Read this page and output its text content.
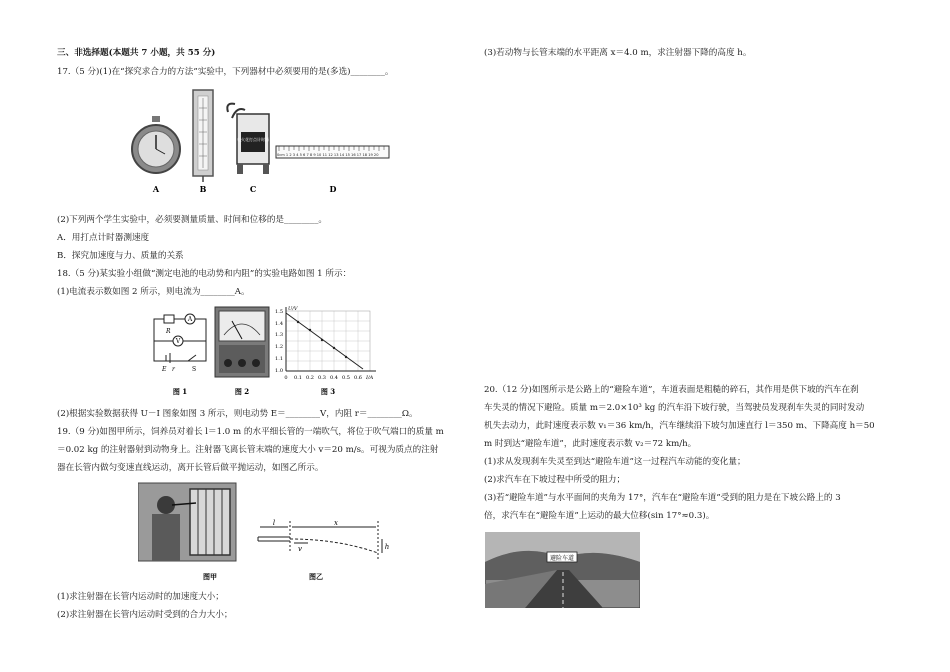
三、非选择题(本题共 7 小题，共 55 分)
17.（5 分)(1)在“探究求合力的方法”实验中，下列器材中必须要用的是(多选)________。
电火花打点计时器
0cm 1 2 3 4 5 6 7 8 9 10 11 12 13 14 15 16 17 18 19 20
A	B	C	D
(2)下列两个学生实验中，必须要测量质量、时间和位移的是________。
A．用打点计时器测速度
B．探究加速度与力、质量的关系
18.（5 分)某实验小组做“测定电池的电动势和内阻”的实验电路如图 1 所示：
(1)电流表示数如图 2 所示，则电流为________A。
R
A
V
E r	S
U/V
I/A
1.5
1.4
1.3
1.2
1.1
1.0
0 0.1 0.2 0.3 0.4 0.5 0.6
图 1	图 2	图 3
(2)根据实验数据获得 U－I 图象如图 3 所示，则电动势 E＝________V，内阻 r＝________Ω。
19.（9 分)如图甲所示，饲养员对着长 l＝1.0 m 的水平细长管的一端吹气，将位于吹气端口的质量 m
＝0.02 kg 的注射器射到动物身上。注射器飞离长管末端的速度大小 v＝20 m/s。可视为质点的注射
器在长管内做匀变速直线运动，离开长管后做平抛运动，如图乙所示。
l	x
v	h
图甲	图乙
(1)求注射器在长管内运动时的加速度大小；
(2)求注射器在长管内运动时受到的合力大小；
(3)若动物与长管末端的水平距离 x＝4.0 m，求注射器下降的高度 h。
20.（12 分)如图所示是公路上的“避险车道”，车道表面是粗糙的碎石，其作用是供下坡的汽车在刹
车失灵的情况下避险。质量 m＝2.0×10³ kg 的汽车沿下坡行驶，当驾驶员发现刹车失灵的同时发动
机失去动力，此时速度表示数 v₁＝36 km/h，汽车继续沿下坡匀加速直行 l＝350 m、下降高度 h＝50
m 时到达“避险车道”，此时速度表示数 v₂＝72 km/h。
(1)求从发现刹车失灵至到达“避险车道”这一过程汽车动能的变化量；
(2)求汽车在下坡过程中所受的阻力；
(3)若“避险车道”与水平面间的夹角为 17°，汽车在“避险车道”受到的阻力是在下坡公路上的 3
倍，求汽车在“避险车道”上运动的最大位移(sin 17°≈0.3)。
避险车道
